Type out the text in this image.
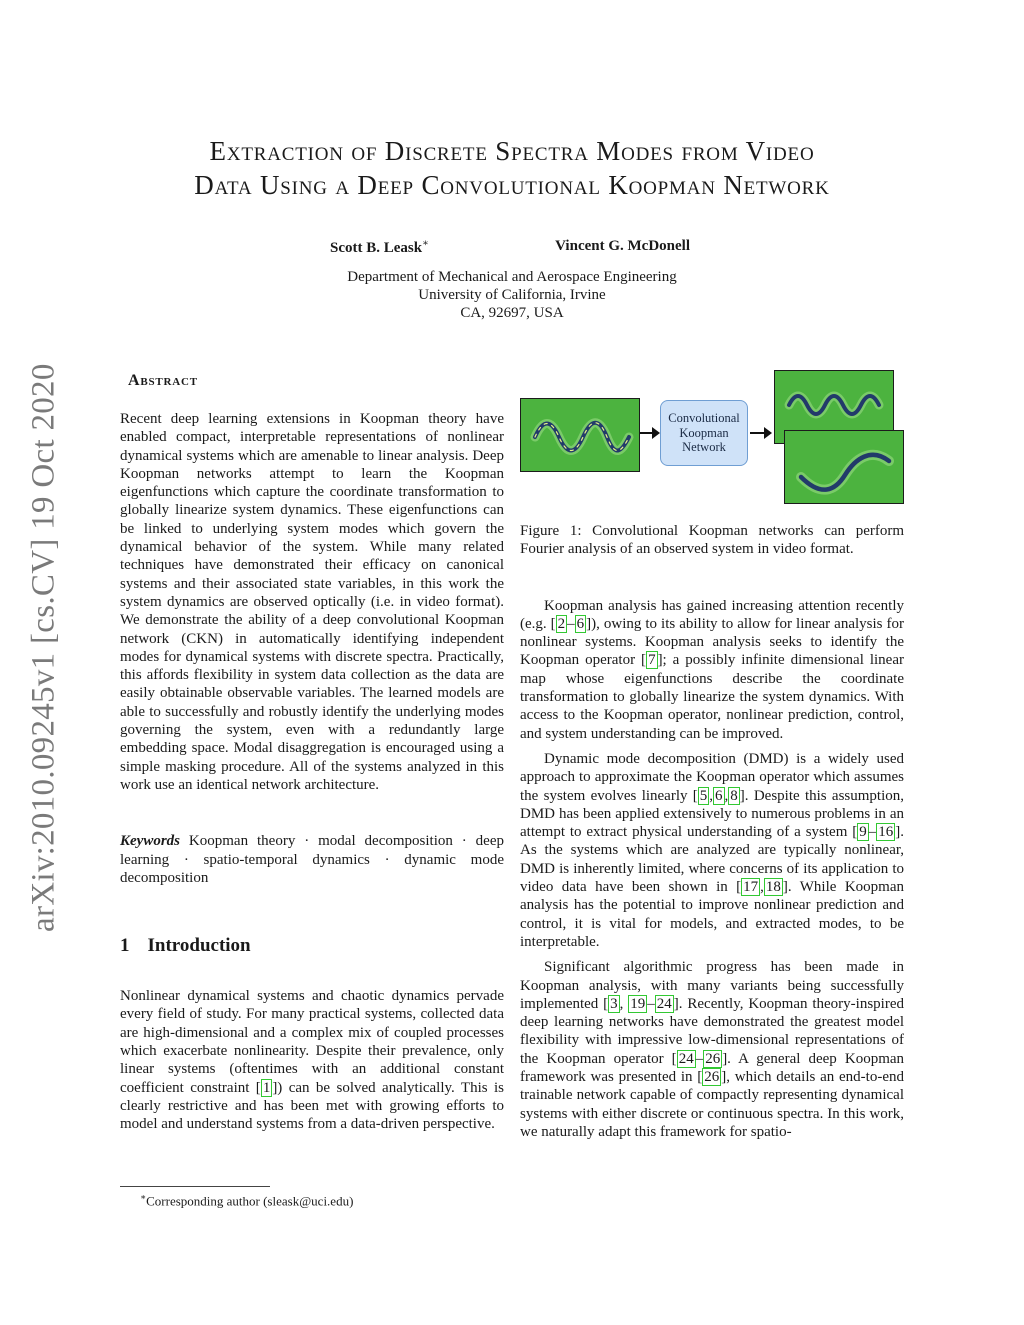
arXiv:2010.09245v1 [cs.CV] 19 Oct 2020
Extraction of Discrete Spectra Modes from Video
Data Using a Deep Convolutional Koopman Network
Scott B. Leask∗	Vincent G. McDonell
Department of Mechanical and Aerospace Engineering
University of California, Irvine
CA, 92697, USA
Abstract

Recent deep learning extensions in Koopman theory have enabled compact, interpretable representations of nonlinear dynamical systems which are amenable to linear analysis. Deep Koopman networks attempt to learn the Koopman eigenfunctions which capture the coordinate transformation to globally linearize system dynamics. These eigenfunctions can be linked to underlying system modes which govern the dynamical behavior of the system. While many related techniques have demonstrated their efficacy on canonical systems and their associated state variables, in this work the system dynamics are observed optically (i.e. in video format). We demonstrate the ability of a deep convolutional Koopman network (CKN) in automatically identifying independent modes for dynamical systems with discrete spectra. Practically, this affords flexibility in system data collection as the data are easily obtainable observable variables. The learned models are able to successfully and robustly identify the underlying modes governing the system, even with a redundantly large embedding space. Modal disaggregation is encouraged using a simple masking procedure. All of the systems analyzed in this work use an identical network architecture.

Keywords Koopman theory · modal decomposition · deep learning · spatio-temporal dynamics · dynamic mode decomposition

1 Introduction

Nonlinear dynamical systems and chaotic dynamics pervade every field of study. For many practical systems, collected data are high-dimensional and a complex mix of coupled processes which exacerbate nonlinearity. Despite their prevalence, only linear systems (oftentimes with an additional constant coefficient constraint [ 1 ]) can be solved analytically. This is clearly restrictive and has been met with growing efforts to model and understand systems from a data-driven perspective.

∗Corresponding author (sleask@uci.edu)
Convolutional
Koopman
Network

Figure 1: Convolutional Koopman networks can perform Fourier analysis of an observed system in video format.

Koopman analysis has gained increasing attention recently (e.g. [ 2 – 6 ]), owing to its ability to allow for linear analysis for nonlinear systems. Koopman analysis seeks to identify the Koopman operator [ 7 ]; a possibly infinite dimensional linear map whose eigenfunctions describe the coordinate transformation to globally linearize the system dynamics. With access to the Koopman operator, nonlinear prediction, control, and system understanding can be improved.

Dynamic mode decomposition (DMD) is a widely used approach to approximate the Koopman operator which assumes the system evolves linearly [ 5 , 6 , 8 ]. Despite this assumption, DMD has been applied extensively to numerous problems in an attempt to extract physical understanding of a system [ 9 – 16 ]. As the systems which are analyzed are typically nonlinear, DMD is inherently limited, where concerns of its application to video data have been shown in [ 17 , 18 ]. While Koopman analysis has the potential to improve nonlinear prediction and control, it is vital for models, and extracted modes, to be interpretable.

Significant algorithmic progress has been made in Koopman analysis, with many variants being successfully implemented [ 3 , 19 – 24 ]. Recently, Koopman theory-inspired deep learning networks have demonstrated the greatest model flexibility with impressive low-dimensional representations of the Koopman operator [ 24 – 26 ]. A general deep Koopman framework was presented in [ 26 ], which details an end-to-end trainable network capable of compactly representing dynamical systems with either discrete or continuous spectra. In this work, we naturally adapt this framework for spatio-
